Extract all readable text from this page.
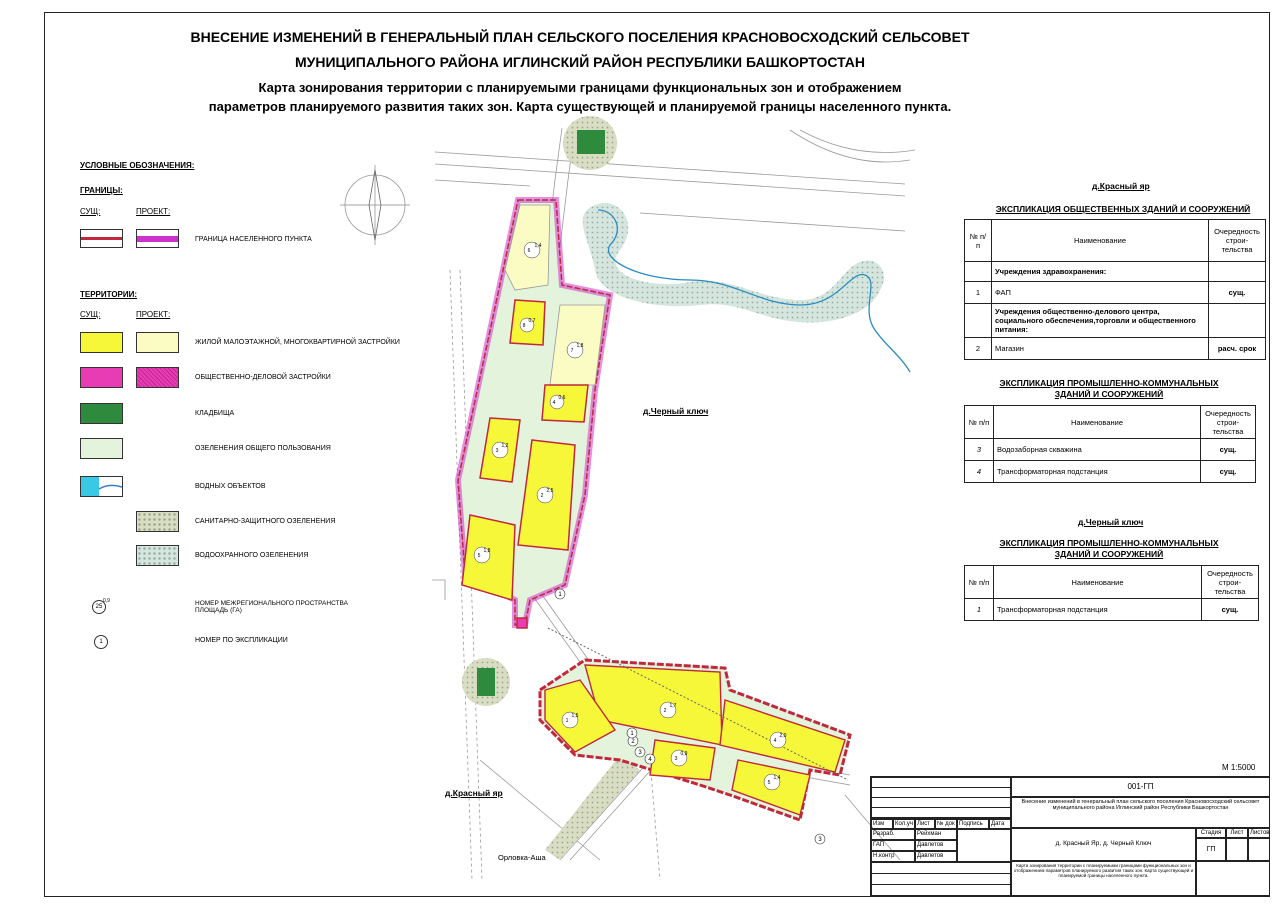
ВНЕСЕНИЕ ИЗМЕНЕНИЙ В ГЕНЕРАЛЬНЫЙ ПЛАН СЕЛЬСКОГО ПОСЕЛЕНИЯ КРАСНОВОСХОДСКИЙ СЕЛЬСОВЕТ
МУНИЦИПАЛЬНОГО РАЙОНА ИГЛИНСКИЙ РАЙОН РЕСПУБЛИКИ БАШКОРТОСТАН
Карта зонирования территории с планируемыми границами функциональных зон и отображением
параметров планируемого развития таких зон. Карта существующей и планируемой границы населенного пункта.
УСЛОВНЫЕ ОБОЗНАЧЕНИЯ:
ГРАНИЦЫ:
СУЩ:	ПРОЕКТ:
ГРАНИЦА НАСЕЛЕННОГО ПУНКТА
ТЕРРИТОРИИ:
СУЩ:	ПРОЕКТ:
ЖИЛОЙ МАЛОЭТАЖНОЙ, МНОГОКВАРТИРНОЙ ЗАСТРОЙКИ
ОБЩЕСТВЕННО-ДЕЛОВОЙ ЗАСТРОЙКИ
КЛАДБИЩА
ОЗЕЛЕНЕНИЯ ОБЩЕГО ПОЛЬЗОВАНИЯ
ВОДНЫХ ОБЪЕКТОВ
САНИТАРНО-ЗАЩИТНОГО ОЗЕЛЕНЕНИЯ
ВОДООХРАННОГО ОЗЕЛЕНЕНИЯ
25
0,9	НОМЕР МЕЖРЕГИОНАЛЬНОГО ПРОСТРАНСТВА ПЛОЩАДЬ (ГА)
1	НОМЕР ПО ЭКСПЛИКАЦИИ
6
1,4
8
0,7
7
1,8
4
0,6
3
1,2
2
2,5
5
1,8
1
1,5
2
1,7
3
0,9
4
2,0
5
1,4
1
2
3
4
1
3
д.Черный ключ
д.Красный яр
Орловка-Аша
д.Красный яр
ЭКСПЛИКАЦИЯ ОБЩЕСТВЕННЫХ ЗДАНИЙ И СООРУЖЕНИЙ
№ п/п	Наименование	Очередность строи-тельства
	Учреждения здравохранения:	
1	ФАП	сущ.
	Учреждения общественно-делового центра, социального обеспечения,торговли и общественного питания:	
2	Магазин	расч. срок
ЭКСПЛИКАЦИЯ ПРОМЫШЛЕННО-КОММУНАЛЬНЫХ
ЗДАНИЙ И СООРУЖЕНИЙ
№ п/п	Наименование	Очередность строи-тельства
3	Водозаборная скважина	сущ.
4	Трансформаторная подстанция	сущ.
д.Черный ключ
ЭКСПЛИКАЦИЯ ПРОМЫШЛЕННО-КОММУНАЛЬНЫХ
ЗДАНИЙ И СООРУЖЕНИЙ
№ п/п	Наименование	Очередность строи-тельства
1	Трансформаторная подстанция	сущ.
М 1:5000
001-ГП
Внесение изменений в генеральный план сельского поселения Красновосходский сельсовет муниципального района Иглинский район Республики Башкортостан
д. Красный Яр, д. Черный Ключ
Стадия	Лист	Листов
ГП
Карта зонирования территории с планируемыми границами функциональных зон и отображением параметров планируемого развития таких зон. Карта существующей и планируемой границы населенного пункта.
Изм	Кол.уч Лист	№ док Подпись	Дата
Разраб.	Рейхман
ГАП	Давлетов
Н.контр	Давлетов
